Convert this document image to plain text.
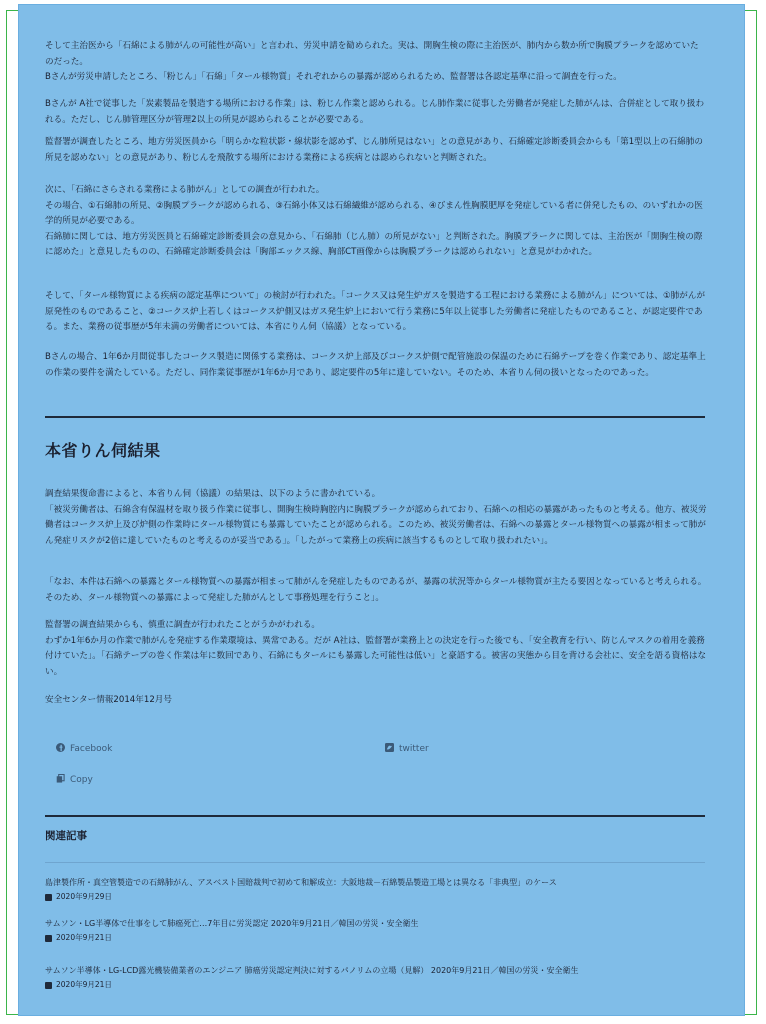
そして主治医から「石綿による肺がんの可能性が高い」と言われ、労災申請を勧められた。実は、開胸生検の際に主治医が、肺内から数か所で胸膜プラークを認めていたのだった。
Bさんが労災申請したところ、「粉じん」「石綿」「タール様物質」それぞれからの暴露が認められるため、監督署は各認定基準に沿って調査を行った。

Bさんが A社で従事した「炭素製品を製造する場所における作業」は、粉じん作業と認められる。じん肺作業に従事した労働者が発症した肺がんは、合併症として取り扱われる。ただし、じん肺管理区分が管理2以上の所見が認められることが必要である。

監督署が調査したところ、地方労災医員から「明らかな粒状影・線状影を認めず、じん肺所見はない」との意見があり、石綿確定診断委員会からも「第1型以上の石綿肺の所見を認めない」との意見があり、粉じんを飛散する場所における業務による疾病とは認められないと判断された。

次に、「石綿にさらされる業務による肺がん」としての調査が行われた。
その場合、①石綿肺の所見、②胸膜プラークが認められる、③石綿小体又は石綿繊維が認められる、④びまん性胸膜肥厚を発症している者に併発したもの、のいずれかの医学的所見が必要である。
石綿肺に関しては、地方労災医員と石綿確定診断委員会の意見から、「石綿肺（じん肺）の所見がない」と判断された。胸膜プラークに関しては、主治医が「開胸生検の際に認めた」と意見したものの、石綿確定診断委員会は「胸部エックス線、胸部CT画像からは胸膜プラークは認められない」と意見がわかれた。

そして、「タール様物質による疾病の認定基準について」の検討が行われた。「コークス又は発生炉ガスを製造する工程における業務による肺がん」については、①肺がんが原発性のものであること、②コークス炉上若しくはコークス炉側又はガス発生炉上において行う業務に5年以上従事した労働者に発症したものであること、が認定要件である。また、業務の従事歴が5年未満の労働者については、本省にりん伺（協議）となっている。

Bさんの場合、1年6か月間従事したコークス製造に関係する業務は、コークス炉上部及びコークス炉側で配管施設の保温のために石綿テープを巻く作業であり、認定基準上の作業の要件を満たしている。ただし、同作業従事歴が1年6か月であり、認定要件の5年に達していない。そのため、本省りん伺の扱いとなったのであった。

本省りん伺結果

調査結果復命書によると、本省りん伺（協議）の結果は、以下のように書かれている。
「被災労働者は、石綿含有保温材を取り扱う作業に従事し、開胸生検時胸腔内に胸膜プラークが認められており、石綿への相応の暴露があったものと考える。他方、被災労働者はコークス炉上及び炉側の作業時にタール様物質にも暴露していたことが認められる。このため、被災労働者は、石綿への暴露とタール様物質への暴露が相まって肺がん発症リスクが2倍に達していたものと考えるのが妥当である」。「したがって業務上の疾病に該当するものとして取り扱われたい」。

「なお、本件は石綿への暴露とタール様物質への暴露が相まって肺がんを発症したものであるが、暴露の状況等からタール様物質が主たる要因となっていると考えられる。そのため、タール様物質への暴露によって発症した肺がんとして事務処理を行うこと」。

監督署の調査結果からも、慎重に調査が行われたことがうかがわれる。
わずか1年6か月の作業で肺がんを発症する作業環境は、異常である。だが A社は、監督署が業務上との決定を行った後でも、「安全教育を行い、防じんマスクの着用を義務付けていた」。「石綿テープの巻く作業は年に数回であり、石綿にもタールにも暴露した可能性は低い」と豪語する。被害の実態から目を背ける会社に、安全を語る資格はない。

安全センター情報2014年12月号

Facebook	twitter
Copy
関連記事
島津製作所・真空管製造での石綿肺がん、アスベスト国賠裁判で初めて和解成立：大阪地裁－石綿製品製造工場とは異なる「非典型」のケース
2020年9月29日
サムソン・LG半導体で仕事をして肺癌死亡…7年目に労災認定 2020年9月21日／韓国の労災・安全衛生
2020年9月21日
サムソン半導体・LG-LCD露光機装備業者のエンジニア 肺癌労災認定判決に対するパノリムの立場（見解） 2020年9月21日／韓国の労災・安全衛生
2020年9月21日
